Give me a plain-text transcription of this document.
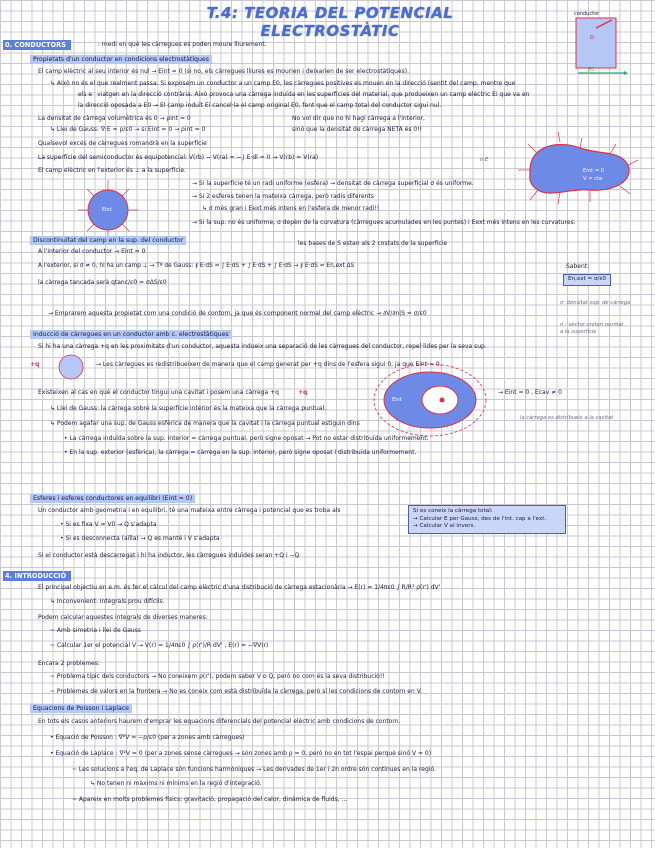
T.4: TEORIA DEL POTENCIAL ELECTROSTÀTIC
conductor
Ei
E0
0. CONDUCTORS	: medi en què les càrregues es poden moure lliurement.
Propietats d'un conductor en condicions electrostàtiques
El camp elèctric al seu interior és nul → Eint = 0 (si no, els càrregues lliures es mourien i deixarien de ser electrostàtiques).
↳ Això no és el que realment passa. Si exposem un conductor a un camp E0, les càrregues positives es mouen en la direcció (sentit del camp, mentre que
els e⁻ viatgen en la direcció contrària. Això provoca una càrrega induïda en les superfícies del material, que produeixen un camp elèctric Ei que va en
la direcció oposada a E0 → El camp induït Ei cancel·la el camp original E0, fent que el camp total del conductor sigui nul.
La densitat de càrrega volumètrica és 0 → ρint = 0	No vol dir que no hi hagi càrrega a l'interior,
↳ Llei de Gauss: ∇·E = ρ/ε0 → si Eint = 0 → ρint = 0	sinó que la densitat de càrrega NETA és 0!!
Qualsevol excés de càrregues romandrà en la superfície
La superfície del semiconductor és equipotencial: V(rb) − V(ra) = −∫ E·dl = 0 → V(rb) = V(ra)
El camp elèctric en l'exterior és ⊥ a la superfície.	Eint = 0
V = cte
n·E
Eint
→ Si la superfície té un radi uniforme (esfera) → densitat de càrrega superficial σ és uniforme.
→ Si 2 esferes tenen la mateixa càrrega, però radis diferents
↳ σ més gran i Eext més intens en l'esfera de menor radi!!
→ Si la sup. no és uniforme, σ depèn de la curvatura (càrregues acumulades en les puntes) i Eext més intens en les curvatures.
Discontinuïtat del camp en la sup. del conductor
A l'interior del conductor → Eint = 0
les bases de S estan als 2 costats de la superfície
A l'exterior, si σ ≠ 0, hi ha un camp ⊥ → Tª de Gauss: ∮ E·dS = ∫ E·dS + ∫ E·dS + ∫ E·dS → ∮ E·dS = En,ext ΔS
la càrrega tancada serà qtanc/ε0 = σΔS/ε0
Sabent:
En,ext = σ/ε0
→ Emprarem aquesta propietat com una condició de contorn, ja que és component normal del camp elèctric → ∂V/∂n|S = σ/ε0
σ: densitat sup. de càrrega
n : vector unitari normal
a la superfície
Inducció de càrregues en un conductor amb c. electrostàtiques
Si hi ha una càrrega +q en les proximitats d'un conductor, aquesta indueix una separació de les càrregues del conductor, repel·lides per la seva sup.
+q	→ Les càrregues es redistribueixen de manera que el camp generat per +q dins de l'esfera sigui 0, ja que Eint = 0.
Existeixen al cas en què el conductor tingui una cavitat i posem una càrrega +q	+q
Eint
→ Eint = 0 , Ecav ≠ 0
la càrrega es distribueix a la cavitat
↳ Llei de Gauss: la càrrega sobre la superfície interior és la mateixa que la càrrega puntual.
↳ Podem agafar una sup. de Gauss esfèrica de manera que la cavitat i la càrrega puntual estiguin dins
• La càrrega induïda sobre la sup. interior = càrrega puntual, però signe oposat → Pot no estar distribuïda uniformement.
• En la sup. exterior (esfèrica), la càrrega = càrrega en la sup. interior, però signe oposat i distribuïda uniformement.
Esferes i esferes conductores en equilibri (Eint = 0)
Un conductor amb geometria i en equilibri, té una mateixa entre càrrega i potencial que es troba als
• Si es fixa V = V0 → Q s'adapta
• Si es desconnecta (aïlla) → Q es manté i V s'adapta
Si el conductor està descarregat i hi ha inductor, les càrregues induïdes seran +Q i −Q
Si es coneix la càrrega total:
→ Calcular E per Gauss, des de l'int. cap a l'ext.
→ Calcular V al invers.
4. INTRODUCCIÓ
El principal objectiu en e.m. és fer el càlcul del camp elèctric d'una distribució de càrrega estacionària → E(r) = 1/4πε0 ∫ R/R³ ρ(r') dV'
↳ Inconvenient: Integrals prou difícils.
Podem calcular aquestes integrals de diverses maneres:
~ Amb simetria i llei de Gauss
~ Calcular 1er el potencial V → V(r) = 1/4πε0 ∫ ρ(r')/R dV' , E(r) = −∇V(r)
Encara 2 problemes:
~ Problema típic dels conductors → No coneixem ρ(r'), podem saber V o Q, però no com és la seva distribució!!
~ Problemes de valors en la frontera → No es coneix com està distribuïda la càrrega, però sí les condicions de contorn en V.
Equacions de Poisson i Laplace
En tots els casos anteriors haurem d'emprar les equacions diferencials del potencial elèctric amb condicions de contorn.
• Equació de Poisson : ∇²V = −ρ/ε0 (per a zones amb càrregues)
• Equació de Laplace : ∇²V = 0 (per a zones sense càrregues → són zones amb ρ = 0, però no en tot l'espai perquè sinó V = 0)
~ Les solucions a l'eq. de Laplace són funcions harmòniques → Les derivades de 1er i 2n ordre són contínues en la regió.
↳ No tenen ni màxims ni mínims en la regió d'integració.
~ Apareix en molts problemes físics: gravitació, propagació del calor, dinàmica de fluids, ...
